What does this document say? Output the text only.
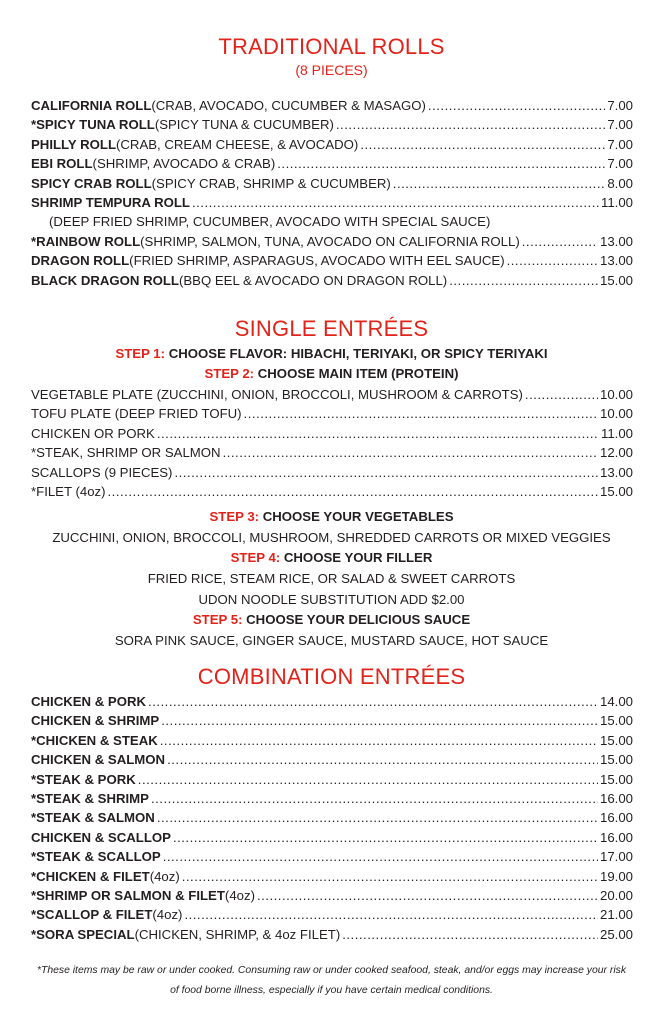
TRADITIONAL ROLLS

(8 PIECES)

CALIFORNIA ROLL (CRAB, AVOCADO, CUCUMBER & MASAGO) .....	7.00
*SPICY TUNA ROLL (SPICY TUNA & CUCUMBER) .....	7.00
PHILLY ROLL (CRAB, CREAM CHEESE, & AVOCADO) .....	7.00
EBI ROLL (SHRIMP, AVOCADO & CRAB) .....	7.00
SPICY CRAB ROLL (SPICY CRAB, SHRIMP & CUCUMBER) .....	8.00
SHRIMP TEMPURA ROLL .....	11.00
(DEEP FRIED SHRIMP, CUCUMBER, AVOCADO WITH SPECIAL SAUCE)
*RAINBOW ROLL (SHRIMP, SALMON, TUNA, AVOCADO ON CALIFORNIA ROLL) .....	13.00
DRAGON ROLL (FRIED SHRIMP, ASPARAGUS, AVOCADO WITH EEL SAUCE) .....	13.00
BLACK DRAGON ROLL (BBQ EEL & AVOCADO ON DRAGON ROLL) .....	15.00
SINGLE ENTRÉES
STEP 1: CHOOSE FLAVOR: HIBACHI, TERIYAKI, OR SPICY TERIYAKI
STEP 2: CHOOSE MAIN ITEM (PROTEIN)
VEGETABLE PLATE (ZUCCHINI, ONION, BROCCOLI, MUSHROOM & CARROTS) .....	10.00
TOFU PLATE (DEEP FRIED TOFU) .....	10.00
CHICKEN OR PORK .....	11.00
*STEAK, SHRIMP OR SALMON .....	12.00
SCALLOPS (9 PIECES) .....	13.00
*FILET (4oz) .....	15.00
STEP 3: CHOOSE YOUR VEGETABLES
ZUCCHINI, ONION, BROCCOLI, MUSHROOM, SHREDDED CARROTS OR MIXED VEGGIES
STEP 4: CHOOSE YOUR FILLER
FRIED RICE, STEAM RICE, OR SALAD & SWEET CARROTS
UDON NOODLE SUBSTITUTION ADD $2.00
STEP 5: CHOOSE YOUR DELICIOUS SAUCE
SORA PINK SAUCE, GINGER SAUCE, MUSTARD SAUCE, HOT SAUCE
COMBINATION ENTRÉES
CHICKEN & PORK .....	14.00
CHICKEN & SHRIMP .....	15.00
*CHICKEN & STEAK .....	15.00
CHICKEN & SALMON .....	15.00
*STEAK & PORK .....	15.00
*STEAK & SHRIMP .....	16.00
*STEAK & SALMON .....	16.00
CHICKEN & SCALLOP .....	16.00
*STEAK & SCALLOP .....	17.00
*CHICKEN & FILET (4oz) .....	19.00
*SHRIMP OR SALMON & FILET (4oz) .....	20.00
*SCALLOP & FILET (4oz) .....	21.00
*SORA SPECIAL (CHICKEN, SHRIMP, & 4oz FILET) .....	25.00
*These items may be raw or under cooked. Consuming raw or under cooked seafood, steak, and/or eggs may increase your risk
of food borne illness, especially if you have certain medical conditions.
